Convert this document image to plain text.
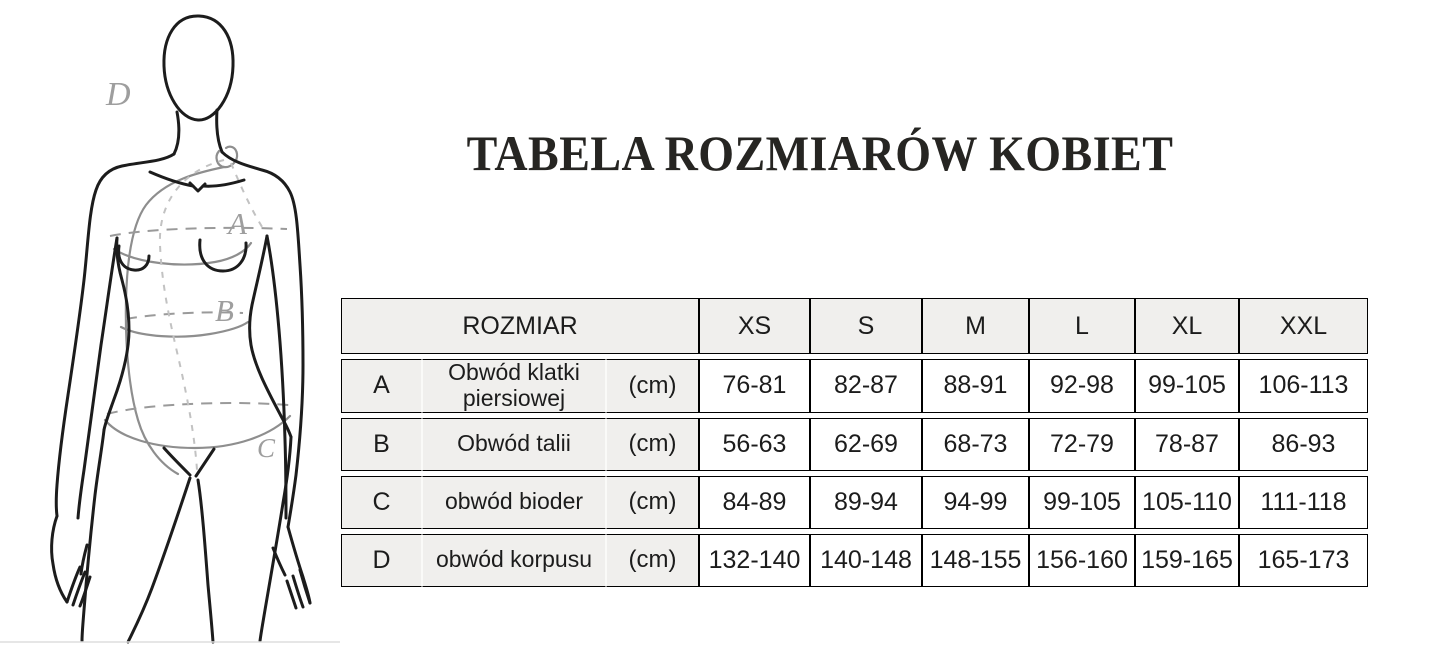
TABELA ROZMIARÓW KOBIET
D
A
B
C
ROZMIAR			XS	S	M	L	XL	XXL
A	Obwód klatki piersiowej	(cm)	76-81	82-87	88-91	92-98	99-105	106-113
B	Obwód talii	(cm)	56-63	62-69	68-73	72-79	78-87	86-93
C	obwód bioder	(cm)	84-89	89-94	94-99	99-105	105-110	111-118
D	obwód korpusu	(cm)	132-140	140-148	148-155	156-160	159-165	165-173
